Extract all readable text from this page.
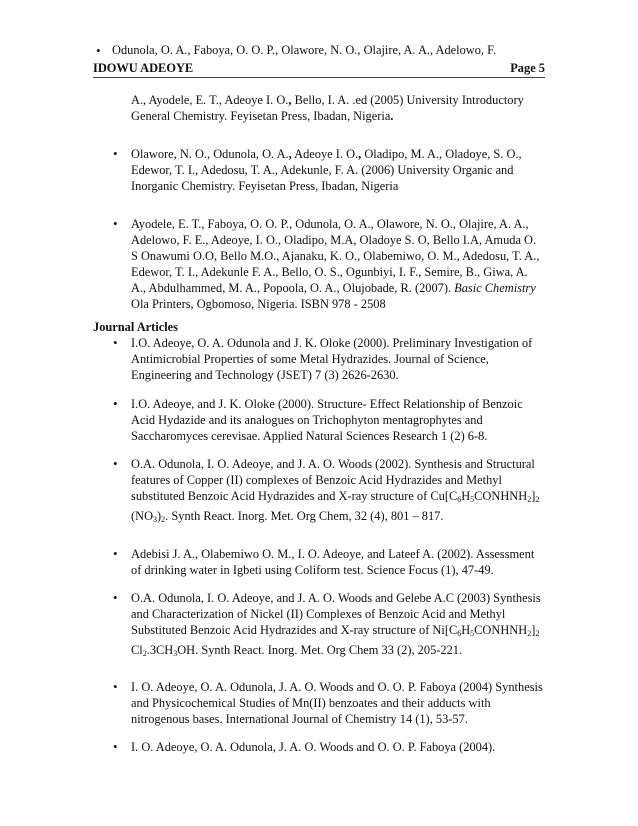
• Odunola, O. A., Faboya, O. O. P., Olawore, N. O., Olajire, A. A., Adelowo, F.
IDOWU ADEOYE	Page 5
A., Ayodele, E. T., Adeoye I. O., Bello, I. A. .ed (2005) University Introductory General Chemistry. Feyisetan Press, Ibadan, Nigeria.
• Olawore, N. O., Odunola, O. A., Adeoye I. O., Oladipo, M. A., Oladoye, S. O., Edewor, T. I., Adedosu, T. A., Adekunle, F. A. (2006) University Organic and Inorganic Chemistry. Feyisetan Press, Ibadan, Nigeria
• Ayodele, E. T., Faboya, O. O. P., Odunola, O. A., Olawore, N. O., Olajire, A. A., Adelowo, F. E., Adeoye, I. O., Oladipo, M.A, Oladoye S. O, Bello I.A, Amuda O. S Onawumi O.O, Bello M.O., Ajanaku, K. O., Olabemiwo, O. M., Adedosu, T. A., Edewor, T. I., Adekunle F. A., Bello, O. S., Ogunbiyi, I. F., Semire, B., Giwa, A. A., Abdulhammed, M. A., Popoola, O. A., Olujobade, R. (2007). Basic Chemistry Ola Printers, Ogbomoso, Nigeria. ISBN 978 - 2508
Journal Articles
• I.O. Adeoye, O. A. Odunola and J. K. Oloke (2000). Preliminary Investigation of Antimicrobial Properties of some Metal Hydrazides. Journal of Science, Engineering and Technology (JSET) 7 (3) 2626-2630.
• I.O. Adeoye, and J. K. Oloke (2000). Structure- Effect Relationship of Benzoic Acid Hydazide and its analogues on Trichophyton mentagrophytes and Saccharomyces cerevisae. Applied Natural Sciences Research 1 (2) 6-8.
• O.A. Odunola, I. O. Adeoye, and J. A. O. Woods (2002). Synthesis and Structural features of Copper (II) complexes of Benzoic Acid Hydrazides and Methyl substituted Benzoic Acid Hydrazides and X-ray structure of $Cu[C_6H_5CONHNH_2]_2$ $(NO_3)_2$. Synth React. Inorg. Met. Org Chem, 32 (4), 801 – 817.
• Adebisi J. A., Olabemiwo O. M., I. O. Adeoye, and Lateef A. (2002). Assessment of drinking water in Igbeti using Coliform test. Science Focus (1), 47-49.
• O.A. Odunola, I. O. Adeoye, and J. A. O. Woods and Gelebe A.C (2003) Synthesis and Characterization of Nickel (II) Complexes of Benzoic Acid and Methyl Substituted Benzoic Acid Hydrazides and X-ray structure of $Ni[C_6H_5CONHNH_2]_2$ $Cl_2.3CH_3OH$. Synth React. Inorg. Met. Org Chem 33 (2), 205-221.
• I. O. Adeoye, O. A. Odunola, J. A. O. Woods and O. O. P. Faboya (2004) Synthesis and Physicochemical Studies of Mn(II) benzoates and their adducts with nitrogenous bases. International Journal of Chemistry 14 (1), 53-57.
• I. O. Adeoye, O. A. Odunola, J. A. O. Woods and O. O. P. Faboya (2004).
